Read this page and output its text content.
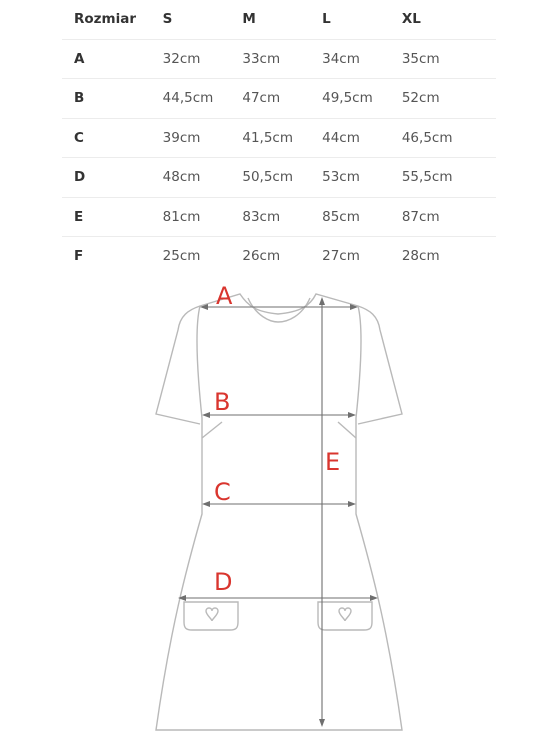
Rozmiar	S	M	L	XL
A	32cm	33cm	34cm	35cm
B	44,5cm	47cm	49,5cm	52cm
C	39cm	41,5cm	44cm	46,5cm
D	48cm	50,5cm	53cm	55,5cm
E	81cm	83cm	85cm	87cm
F	25cm	26cm	27cm	28cm
A
B
C
D
E
